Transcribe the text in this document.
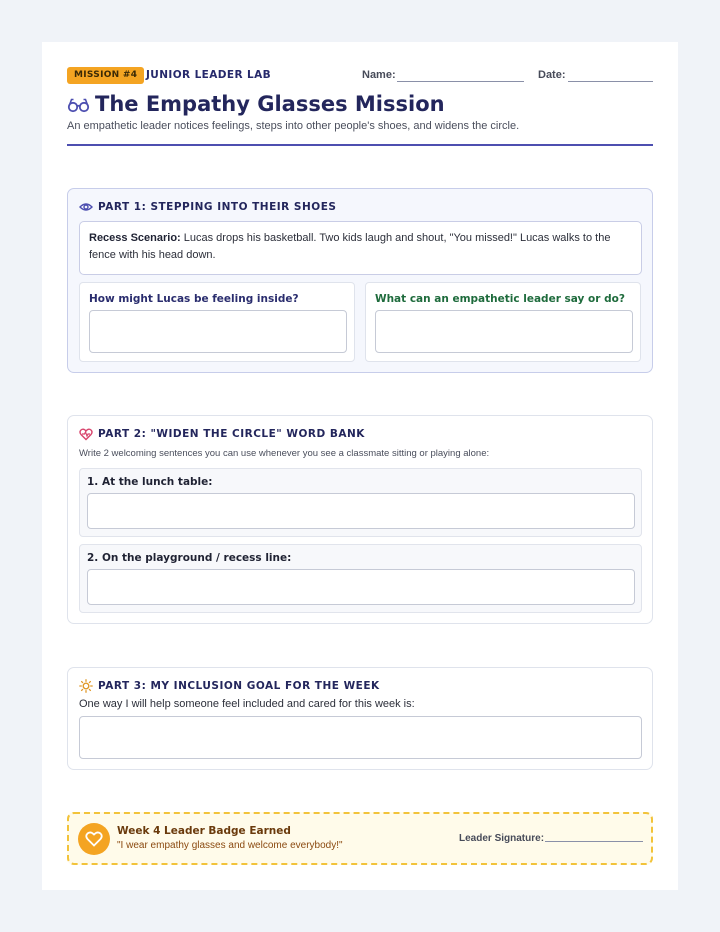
MISSION #4 JUNIOR LEADER LAB	Name:	Date:
The Empathy Glasses Mission

An empathetic leader notices feelings, steps into other people's shoes, and widens the circle.

PART 1: STEPPING INTO THEIR SHOES
Recess Scenario: Lucas drops his basketball. Two kids laugh and shout, "You missed!" Lucas walks to the fence with his head down.
How might Lucas be feeling inside?	What can an empathetic leader say or do?
PART 2: "WIDEN THE CIRCLE" WORD BANK

Write 2 welcoming sentences you can use whenever you see a classmate sitting or playing alone:

1. At the lunch table:
2. On the playground / recess line:
PART 3: MY INCLUSION GOAL FOR THE WEEK

One way I will help someone feel included and cared for this week is:

Week 4 Leader Badge Earned
"I wear empathy glasses and welcome everybody!"
Leader Signature:
